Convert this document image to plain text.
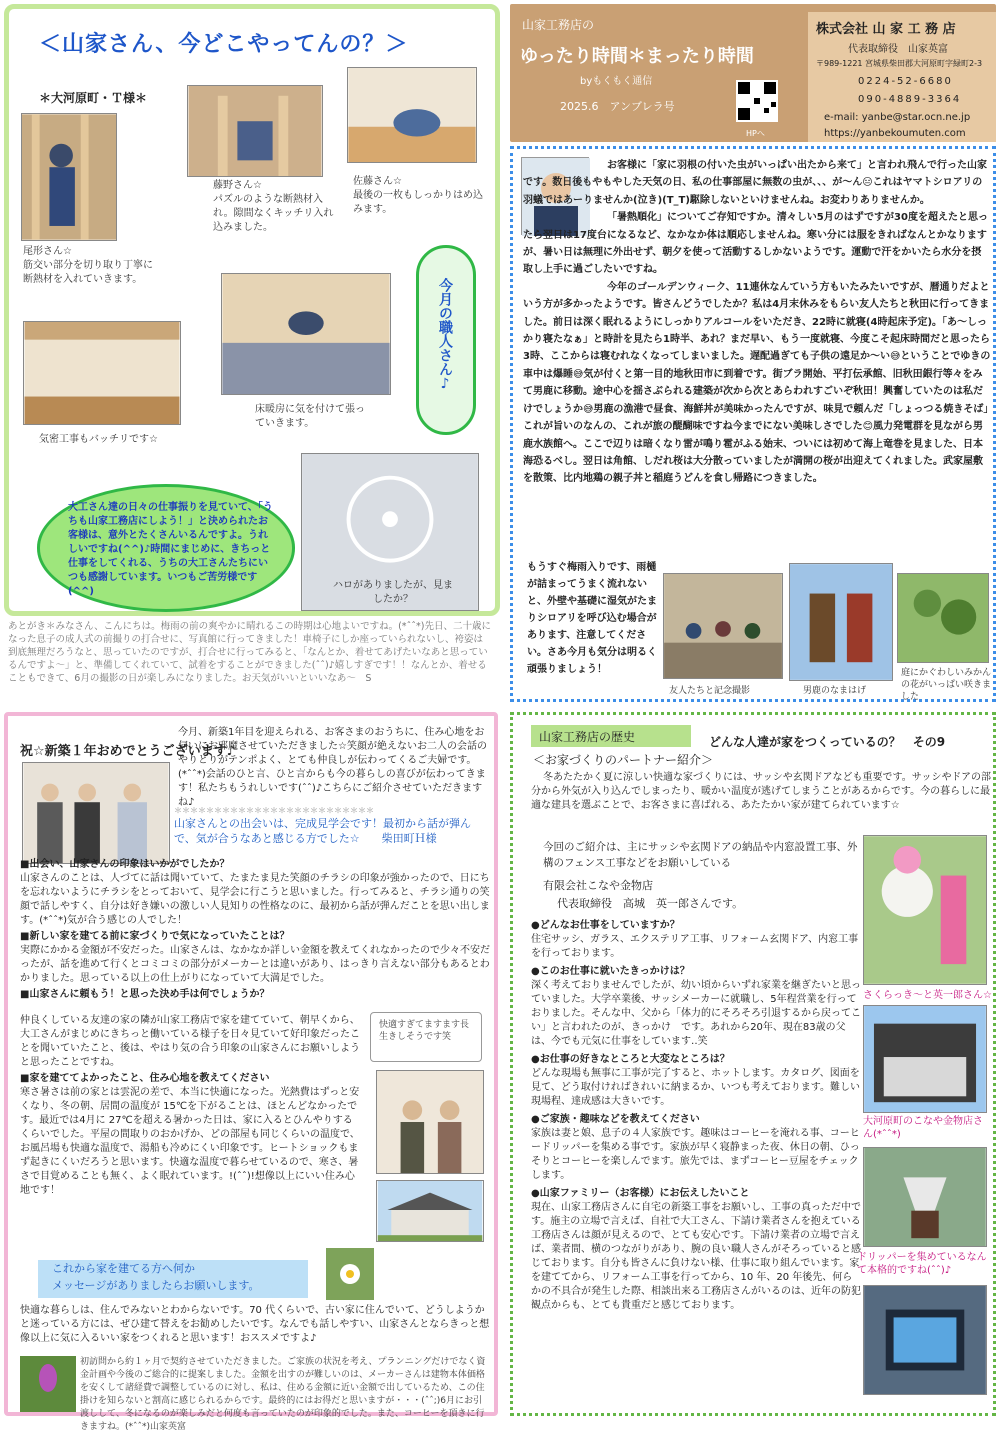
＜山家さん、今どこやってんの？＞
＊大河原町・Ｔ様＊
尾形さん☆
筋交い部分を切り取り丁寧に断熱材を入れていきます。
藤野さん☆
パズルのような断熱材入れ。隙間なくキッチリ入れ込みました。
佐藤さん☆
最後の一枚もしっかりはめ込みます。
気密工事もバッチリです☆
床暖房に気を付けて張っていきます。
今月の職人さん♪

大工さん達の日々の仕事振りを見ていて、「うちも山家工務店にしよう！」と決められたお客様は、意外とたくさんいるんですよ。うれしいですね(^^)♪時間にまじめに、きちっと仕事をしてくれる、うちの大工さんたちにいつも感謝しています。いつもご苦労様です(^^)

ハロがありましたが、見ましたか？
あとがき＊みなさん、こんにちは。梅雨の前の爽やかに晴れるこの時期は心地よいですね。(*ˆˆ*)先日、二十歳になった息子の成人式の前撮りの打合せに、写真館に行ってきました！車椅子にしか座っていられないし、袴姿は到底無理だろうなと、思っていたのですが、打合せに行ってみると、「なんとか、着せてあげたいなあと思っているんですよ～」と、準備してくれていて、試着をすることができました(ˆˆ)♪嬉しすぎです！！なんとか、着せることもできて、6月の撮影の日が楽しみになりました。お天気がいいといいなあ～　S
山家工務店の
ゆったり時間＊まったり時間
byもくもく通信
2025.6　アンブレラ号
HPへ
株式会社 山 家 工 務 店
代表取締役　山家英富
〒989-1221 宮城県柴田郡大河原町字緑町2-3
0224-52-6680
090-4889-3364
e-mail: yanbe@star.ocn.ne.jp
https://yanbekoumuten.com
お客様に「家に羽根の付いた虫がいっぱい出たから来て」と言われ飛んで行った山家です。数日後もやもやした天気の日、私の仕事部屋に無数の虫が、、、が～ん😑これはヤマトシロアリの羽蟻ではあーりませんか(泣き)(T_T)駆除しないといけませんね。お変わりありませんか。
「暑熱順化」についてご存知ですか。清々しい5月のはずですが30度を超えたと思ったら翌日は17度台になるなど、なかなか体は順応しませんね。寒い分には服をきればなんとかなりますが、暑い日は無理に外出せず、朝夕を使って活動するしかないようです。運動で汗をかいたら水分を摂取し上手に過ごしたいですね。
今年のゴールデンウィーク、11連休なんていう方もいたみたいですが、暦通りだよという方が多かったようです。皆さんどうでしたか？私は4月末休みをもらい友人たちと秋田に行ってきました。前日は深く眠れるようにしっかりアルコールをいただき、22時に就寝(4時起床予定)。「あ～しっかり寝たなぁ」と時計を見たら1時半、あれ？まだ早い、もう一度就寝、今度こそ起床時間だと思ったら3時、ここからは寝むれなくなってしまいました。遅配過ぎても子供の遠足か～い😅ということでゆきの車中は爆睡😅気が付くと第一目的地秋田市に到着です。街ブラ開始、平打伝承館、旧秋田銀行等々をみて男鹿に移動。途中心を揺さぶられる建築が次から次とあらわれすごいぞ秋田！興奮していたのは私だけでしょうか😅男鹿の漁港で昼食、海鮮丼が美味かったんですが、味見で頼んだ「しょっつる焼きそば」これが旨いのなんの、これが旅の醍醐味ですね今までにない美味しさでした😊風力発電群を見ながら男鹿水族館へ。ここで辺りは暗くなり雷が鳴り雹がふる始末、ついには初めて海上竜巻を見ました、日本海恐るべし。翌日は角館、しだれ桜は大分散っていましたが満開の桜が出迎えてくれました。武家屋敷を散策、比内地鶏の親子丼と稲庭うどんを食し帰路につきました。
もうすぐ梅雨入りです、雨樋が詰まってうまく流れないと、外壁や基礎に湿気がたまりシロアリを呼び込む場合があります、注意してください。さあ今月も気分は明るく頑張りましょう！
友人たちと記念撮影	男鹿のなまはげ
庭にかぐわしいみかんの花がいっぱい咲きました
祝☆新築１年おめでとうございます♪
今月、新築1年目を迎えられる、お客さまのおうちに、住み心地をお伺いにお邪魔させていただきました☆笑顔が絶えないお二人の会話のやりとりがテンポよく、とても仲良しが伝わってくるご夫婦です。(*ˆˆ*)会話のひと言、ひと言からも今の暮らしの喜びが伝わってきます！私たちもうれしいです(ˆˆ)♪こちらにご紹介させていただきますね♪
＊＊＊＊＊＊＊＊＊＊＊＊＊＊＊＊＊＊＊＊＊＊＊＊＊
山家さんとの出会いは、完成見学会です！最初から話が弾んで、気が合うなあと感じる方でした☆　　柴田町Ｈ様
■出会い、山家さんの印象はいかがでしたか？
山家さんのことは、人づてに話は聞いていて、たまたま見た笑顔のチラシの印象が強かったので、日にちを忘れないようにチラシをとっておいて、見学会に行こうと思いました。行ってみると、チラシ通りの笑顔で話しやすく、自分は好き嫌いの激しい人見知りの性格なのに、最初から話が弾んだことを思い出します。(*ˆˆ*)気が合う感じの人でした！
■新しい家を建てる前に家づくりで気になっていたことは？
実際にかかる金額が不安だった。山家さんは、なかなか詳しい金額を教えてくれなかったので少々不安だったが、話を進めて行くとコミコミの部分がメーカーとは違いがあり、はっきり言えない部分もあるとわかりました。思っている以上の仕上がりになっていて大満足でした。
■山家さんに頼もう！と思った決め手は何でしょうか？
仲良くしている友達の家の隣が山家工務店で家を建てていて、朝早くから、大工さんがまじめにきちっと働いている様子を日々見ていて好印象だったことを聞いていたこと、後は、やはり気の合う印象の山家さんにお願いしようと思ったことですね。
■家を建ててよかったこと、住み心地を教えてください
寒さ暑さは前の家とは雲泥の差で、本当に快適になった。光熱費はずっと安くなり、冬の朝、居間の温度が 15℃を下がることは、ほとんどなかったです。最近では4月に 27℃を超える暑かった日は、家に入るとひんやりするくらいでした。平屋の間取りのおかげか、どの部屋も同じくらいの温度で、お風呂場も快適な温度で、湯船も冷めにくい印象です。ヒートショックもまず起きにくいだろうと思います。快適な温度で暮らせているので、寒さ、暑さで目覚めることも無く、よく眠れています。!(ˆˆ)!想像以上にいい住み心地です！
快適すぎてますます長生きしそうです笑
これから家を建てる方へ何か
メッセージがありましたらお願いします。
快適な暮らしは、住んでみないとわからないです。70 代くらいで、古い家に住んでいて、どうしようかと迷っている方には、ぜひ建て替えをお勧めしたいです。なんでも話しやすい、山家さんとならきっと想像以上に気に入るいい家をつくれると思います！おススメですよ♪
初訪問から約１ヶ月で契約させていただきました。ご家族の状況を考え、プランニングだけでなく資金計画や今後のご総合的に提案しました。金額を出すのが難しいのは、メーカーさんは建物本体価格を安くして諸経費で調整しているのに対し、私は、住める金額に近い金額で出しているため、この住掛けを知らないと割高に感じられるからです。最終的にはお得だと思いますが・・・(ˆˆ;)6月にお引渡しして、冬になるのが楽しみだと何度も言っていたのが印象的でした。また、コーヒーを頂きに行きますね。(*ˆˆ*)山家英富
山家工務店の歴史	どんな人達が家をつくっているの？　その9
＜お家づくりのパートナー紹介＞
冬あたたかく夏に涼しい快適な家づくりには、サッシや玄関ドアなども重要です。サッシやドアの部分から外気が入り込んでしまったり、暖かい温度が逃げてしまうことがあるからです。今の暮らしに最適な建具を選ぶことで、お客さまに喜ばれる、あたたかい家が建てられています☆
今回のご紹介は、主にサッシや玄関ドアの納品や内窓設置工事、外構のフェンス工事などをお願いしている
有限会社こなや金物店
代表取締役　高城　英一郎さんです。
●どんなお仕事をしていますか？
住宅サッシ、ガラス、エクステリア工事、リフォーム玄関ドア、内窓工事を行っております。
●このお仕事に就いたきっかけは？
深く考えておりませんでしたが、幼い頃からいずれ家業を継ぎたいと思っていました。大学卒業後、サッシメーカーに就職し、5年程営業を行っておりました。そんな中、父から「体力的にそろそろ引退するから戻ってこい」と言われたのが、きっかけ　です。あれから20年、現在83歳の父は、今でも元気に仕事をしています‥笑
●お仕事の好きなところと大変なところは？
どんな現場も無事に工事が完了すると、ホットします。カタログ、図面を見て、どう取付ければきれいに納まるか、いつも考えております。難しい現場程、達成感は大きいです。
●ご家族・趣味などを教えてください
家族は妻と娘、息子の４人家族です。趣味はコーヒーを淹れる事、コーヒードリッパーを集める事です。家族が早く寝静まった夜、休日の朝、ひっそりとコーヒーを楽しんでます。旅先では、まずコーヒー豆屋をチェックします。
●山家ファミリー（お客様）にお伝えしたいこと
現在、山家工務店さんに自宅の新築工事をお願いし、工事の真っただ中です。施主の立場で言えば、自社で大工さん、下請け業者さんを抱えている工務店さんは顔が見えるので、とても安心です。下請け業者の立場で言えば、業者間、横のつながりがあり、腕の良い職人さんがそろっていると感じております。自分も皆さんに負けない様、仕事に取り組んでいます。家を建ててから、リフォーム工事を行ってから、10 年、20 年後先、何らかの不具合が発生した際、相談出来る工務店さんがいるのは、近年の防犯観点からも、とても貴重だと感じております。
さくらっき～と英一郎さん☆
大河原町のこなや金物店さん(*ˆˆ*)
ドリッパーを集めているなんて本格的ですね(ˆˆ)♪
